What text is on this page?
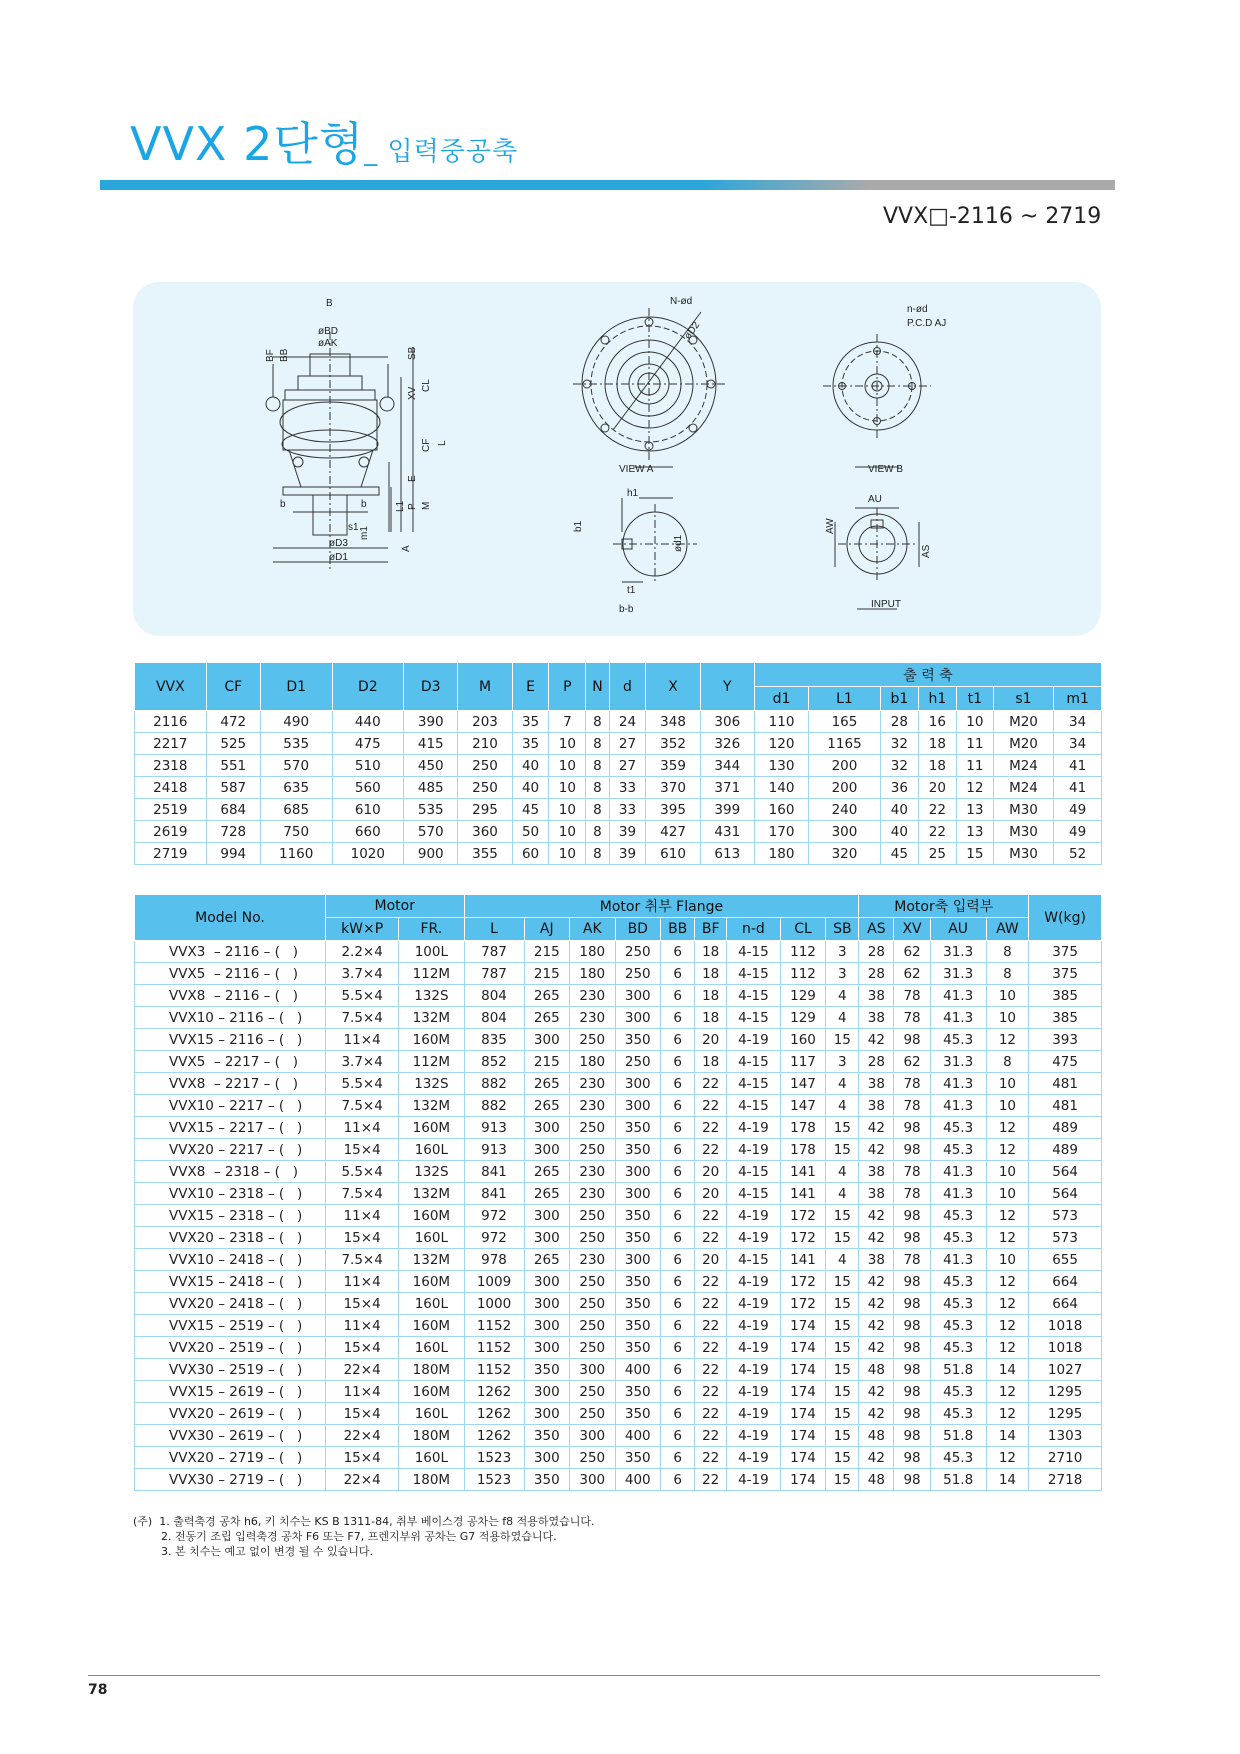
VVX 2단형_ 입력중공축
VVX□-2116 ~ 2719
B
øBD
øAK
BF BB	SB
CL
XV
CF L
E
L1 P M
b	b
s1 m1
øD3
øD1
A
N-ød
øD2
VIEW A
h1
b1
ød1
t1
b-b
n-ød
P.C.D AJ
VIEW B
AU
AW
AS
INPUT
VVX	CF	D1	D2	D3	M	E	P	N	d	X	Y	출 력 축						
												d1	L1	b1	h1	t1	s1	m1
2116	472	490	440	390	203	35	7	8	24	348	306	110	165	28	16	10	M20	34
2217	525	535	475	415	210	35	10	8	27	352	326	120	1165	32	18	11	M20	34
2318	551	570	510	450	250	40	10	8	27	359	344	130	200	32	18	11	M24	41
2418	587	635	560	485	250	40	10	8	33	370	371	140	200	36	20	12	M24	41
2519	684	685	610	535	295	45	10	8	33	395	399	160	240	40	22	13	M30	49
2619	728	750	660	570	360	50	10	8	39	427	431	170	300	40	22	13	M30	49
2719	994	1160	1020	900	355	60	10	8	39	610	613	180	320	45	25	15	M30	52
Model No.	Motor		Motor 취부 Flange									Motor축 입력부				W(kg)
	kW×P	FR.	L	AJ	AK	BD	BB	BF	n-d	CL	SB	AS	XV	AU	AW	
VVX3  – 2116 – (   )	2.2×4	100L	787	215	180	250	6	18	4-15	112	3	28	62	31.3	8	375
VVX5  – 2116 – (   )	3.7×4	112M	787	215	180	250	6	18	4-15	112	3	28	62	31.3	8	375
VVX8  – 2116 – (   )	5.5×4	132S	804	265	230	300	6	18	4-15	129	4	38	78	41.3	10	385
VVX10 – 2116 – (   )	7.5×4	132M	804	265	230	300	6	18	4-15	129	4	38	78	41.3	10	385
VVX15 – 2116 – (   )	11×4	160M	835	300	250	350	6	20	4-19	160	15	42	98	45.3	12	393
VVX5  – 2217 – (   )	3.7×4	112M	852	215	180	250	6	18	4-15	117	3	28	62	31.3	8	475
VVX8  – 2217 – (   )	5.5×4	132S	882	265	230	300	6	22	4-15	147	4	38	78	41.3	10	481
VVX10 – 2217 – (   )	7.5×4	132M	882	265	230	300	6	22	4-15	147	4	38	78	41.3	10	481
VVX15 – 2217 – (   )	11×4	160M	913	300	250	350	6	22	4-19	178	15	42	98	45.3	12	489
VVX20 – 2217 – (   )	15×4	160L	913	300	250	350	6	22	4-19	178	15	42	98	45.3	12	489
VVX8  – 2318 – (   )	5.5×4	132S	841	265	230	300	6	20	4-15	141	4	38	78	41.3	10	564
VVX10 – 2318 – (   )	7.5×4	132M	841	265	230	300	6	20	4-15	141	4	38	78	41.3	10	564
VVX15 – 2318 – (   )	11×4	160M	972	300	250	350	6	22	4-19	172	15	42	98	45.3	12	573
VVX20 – 2318 – (   )	15×4	160L	972	300	250	350	6	22	4-19	172	15	42	98	45.3	12	573
VVX10 – 2418 – (   )	7.5×4	132M	978	265	230	300	6	20	4-15	141	4	38	78	41.3	10	655
VVX15 – 2418 – (   )	11×4	160M	1009	300	250	350	6	22	4-19	172	15	42	98	45.3	12	664
VVX20 – 2418 – (   )	15×4	160L	1000	300	250	350	6	22	4-19	172	15	42	98	45.3	12	664
VVX15 – 2519 – (   )	11×4	160M	1152	300	250	350	6	22	4-19	174	15	42	98	45.3	12	1018
VVX20 – 2519 – (   )	15×4	160L	1152	300	250	350	6	22	4-19	174	15	42	98	45.3	12	1018
VVX30 – 2519 – (   )	22×4	180M	1152	350	300	400	6	22	4-19	174	15	48	98	51.8	14	1027
VVX15 – 2619 – (   )	11×4	160M	1262	300	250	350	6	22	4-19	174	15	42	98	45.3	12	1295
VVX20 – 2619 – (   )	15×4	160L	1262	300	250	350	6	22	4-19	174	15	42	98	45.3	12	1295
VVX30 – 2619 – (   )	22×4	180M	1262	350	300	400	6	22	4-19	174	15	48	98	51.8	14	1303
VVX20 – 2719 – (   )	15×4	160L	1523	300	250	350	6	22	4-19	174	15	42	98	45.3	12	2710
VVX30 – 2719 – (   )	22×4	180M	1523	350	300	400	6	22	4-19	174	15	48	98	51.8	14	2718
(주)  1. 출력축경 공차 h6, 키 치수는 KS B 1311-84, 취부 베이스경 공차는 f8 적용하였습니다.
2. 전동기 조립 입력축경 공차 F6 또는 F7, 프렌지부위 공차는 G7 적용하였습니다.
3. 본 치수는 예고 없이 변경 될 수 있습니다.
78
